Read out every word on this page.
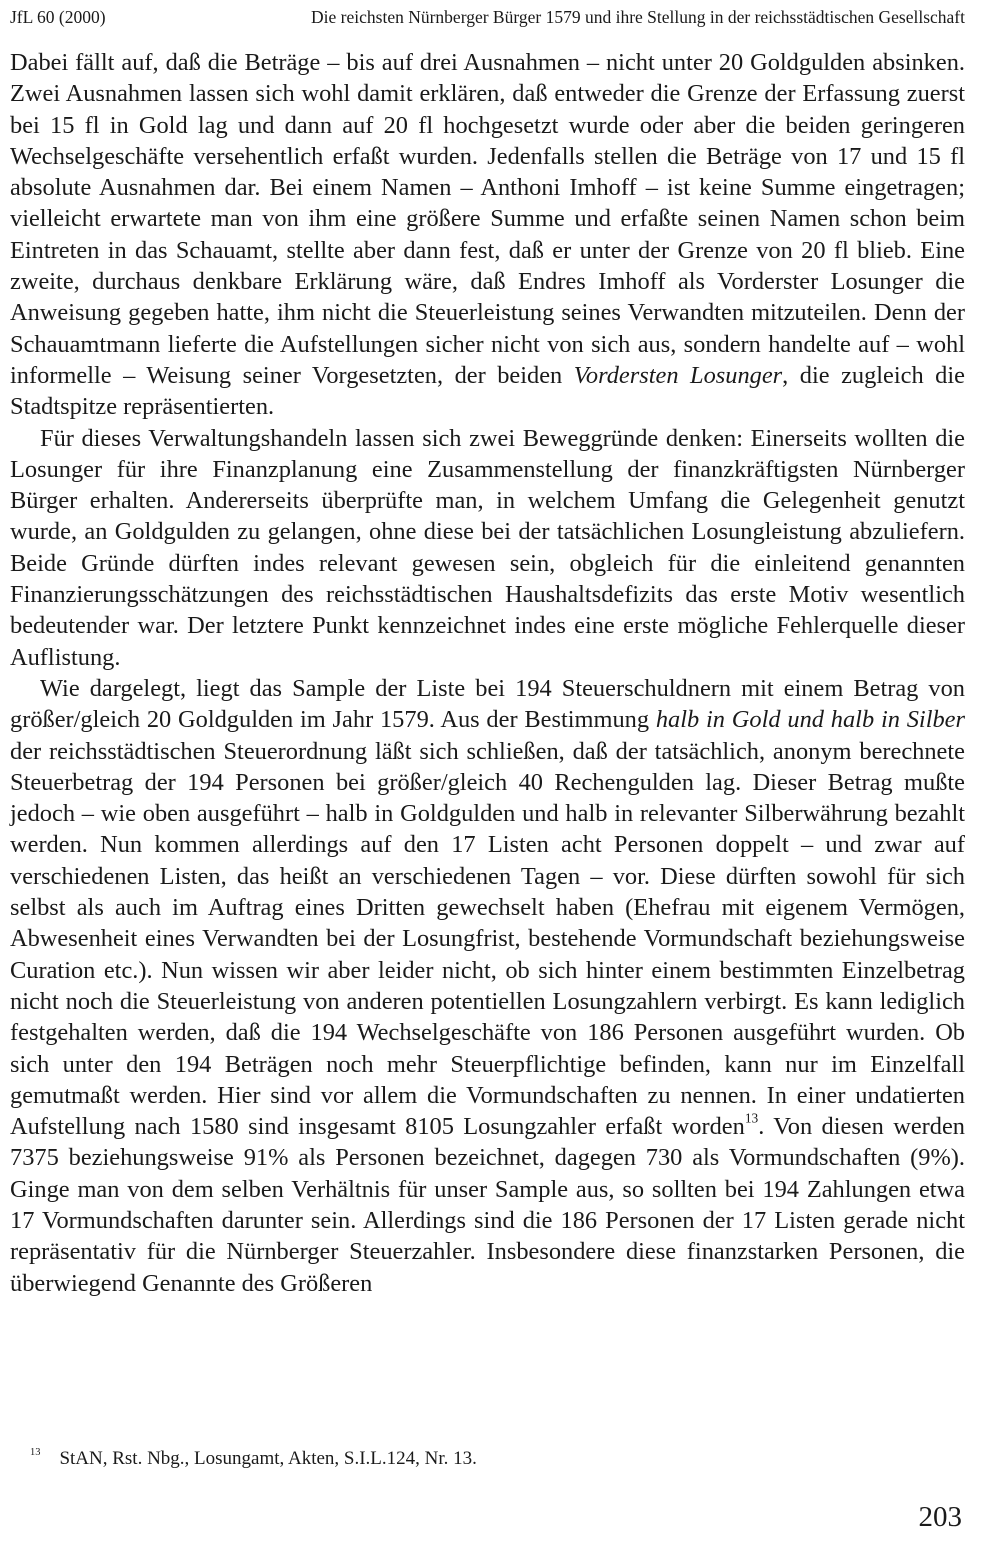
JfL 60 (2000)	Die reichsten Nürnberger Bürger 1579 und ihre Stellung in der reichsstädtischen Gesellschaft

Dabei fällt auf, daß die Beträge – bis auf drei Ausnahmen – nicht unter 20 Goldgulden absinken. Zwei Ausnahmen lassen sich wohl damit erklären, daß entweder die Grenze der Erfassung zuerst bei 15 fl in Gold lag und dann auf 20 fl hochgesetzt wurde oder aber die beiden geringeren Wechselgeschäfte versehentlich erfaßt wurden. Jedenfalls stellen die Beträge von 17 und 15 fl absolute Ausnahmen dar. Bei einem Namen – Anthoni Imhoff – ist keine Summe eingetragen; vielleicht erwartete man von ihm eine größere Summe und erfaßte seinen Namen schon beim Eintreten in das Schauamt, stellte aber dann fest, daß er unter der Grenze von 20 fl blieb. Eine zweite, durchaus denkbare Erklärung wäre, daß Endres Imhoff als Vorderster Losunger die Anweisung gegeben hatte, ihm nicht die Steuerleistung seines Verwandten mitzuteilen. Denn der Schauamtmann lieferte die Aufstellungen sicher nicht von sich aus, sondern handelte auf – wohl informelle – Weisung seiner Vorgesetzten, der beiden Vordersten Losunger, die zugleich die Stadtspitze repräsentierten.

Für dieses Verwaltungshandeln lassen sich zwei Beweggründe denken: Einerseits wollten die Losunger für ihre Finanzplanung eine Zusammenstellung der finanzkräftigsten Nürnberger Bürger erhalten. Andererseits überprüfte man, in welchem Umfang die Gelegenheit genutzt wurde, an Goldgulden zu gelangen, ohne diese bei der tatsächlichen Losungleistung abzuliefern. Beide Gründe dürften indes relevant gewesen sein, obgleich für die einleitend genannten Finanzierungsschätzungen des reichsstädtischen Haushaltsdefizits das erste Motiv wesentlich bedeutender war. Der letztere Punkt kennzeichnet indes eine erste mögliche Fehlerquelle dieser Auflistung.

Wie dargelegt, liegt das Sample der Liste bei 194 Steuerschuldnern mit einem Betrag von größer/gleich 20 Goldgulden im Jahr 1579. Aus der Bestimmung halb in Gold und halb in Silber der reichsstädtischen Steuerordnung läßt sich schließen, daß der tatsächlich, anonym berechnete Steuerbetrag der 194 Personen bei größer/gleich 40 Rechengulden lag. Dieser Betrag mußte jedoch – wie oben ausgeführt – halb in Goldgulden und halb in relevanter Silberwährung bezahlt werden. Nun kommen allerdings auf den 17 Listen acht Personen doppelt – und zwar auf verschiedenen Listen, das heißt an verschiedenen Tagen – vor. Diese dürften sowohl für sich selbst als auch im Auftrag eines Dritten gewechselt haben (Ehefrau mit eigenem Vermögen, Abwesenheit eines Verwandten bei der Losungfrist, bestehende Vormundschaft beziehungsweise Curation etc.). Nun wissen wir aber leider nicht, ob sich hinter einem bestimmten Einzelbetrag nicht noch die Steuerleistung von anderen potentiellen Losungzahlern verbirgt. Es kann lediglich festgehalten werden, daß die 194 Wechselgeschäfte von 186 Personen ausgeführt wurden. Ob sich unter den 194 Beträgen noch mehr Steuerpflichtige befinden, kann nur im Einzelfall gemutmaßt werden. Hier sind vor allem die Vormundschaften zu nennen. In einer undatierten Aufstellung nach 1580 sind insgesamt 8105 Losungzahler erfaßt worden$^{13}$. Von diesen werden 7375 beziehungsweise 91% als Personen bezeichnet, dagegen 730 als Vormundschaften (9%). Ginge man von dem selben Verhältnis für unser Sample aus, so sollten bei 194 Zahlungen etwa 17 Vormundschaften darunter sein. Allerdings sind die 186 Personen der 17 Listen gerade nicht repräsentativ für die Nürnberger Steuerzahler. Insbesondere diese finanzstarken Personen, die überwiegend Genannte des Größeren

$^{13}$ StAN, Rst. Nbg., Losungamt, Akten, S.I.L.124, Nr. 13.
203
